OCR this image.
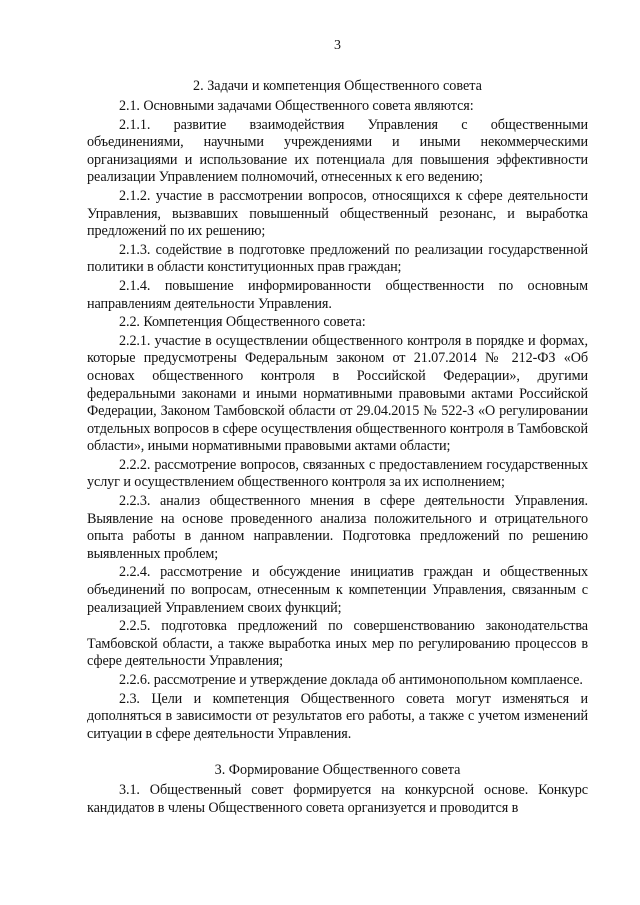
3
2. Задачи и компетенция Общественного совета

2.1. Основными задачами Общественного совета являются:

2.1.1. развитие взаимодействия Управления с общественными объединениями, научными учреждениями и иными некоммерческими организациями и использование их потенциала для повышения эффективности реализации Управлением полномочий, отнесенных к его ведению;

2.1.2. участие в рассмотрении вопросов, относящихся к сфере деятельности Управления, вызвавших повышенный общественный резонанс, и выработка предложений по их решению;

2.1.3. содействие в подготовке предложений по реализации государственной политики в области конституционных прав граждан;

2.1.4. повышение информированности общественности по основным направлениям деятельности Управления.

2.2. Компетенция Общественного совета:

2.2.1. участие в осуществлении общественного контроля в порядке и формах, которые предусмотрены Федеральным законом от 21.07.2014 № 212-ФЗ «Об основах общественного контроля в Российской Федерации», другими федеральными законами и иными нормативными правовыми актами Российской Федерации, Законом Тамбовской области от 29.04.2015 № 522-З «О регулировании отдельных вопросов в сфере осуществления общественного контроля в Тамбовской области», иными нормативными правовыми актами области;

2.2.2. рассмотрение вопросов, связанных с предоставлением государственных услуг и осуществлением общественного контроля за их исполнением;

2.2.3. анализ общественного мнения в сфере деятельности Управления. Выявление на основе проведенного анализа положительного и отрицательного опыта работы в данном направлении. Подготовка предложений по решению выявленных проблем;

2.2.4. рассмотрение и обсуждение инициатив граждан и общественных объединений по вопросам, отнесенным к компетенции Управления, связанным с реализацией Управлением своих функций;

2.2.5. подготовка предложений по совершенствованию законодательства Тамбовской области, а также выработка иных мер по регулированию процессов в сфере деятельности Управления;

2.2.6. рассмотрение и утверждение доклада об антимонопольном комплаенсе.

2.3. Цели и компетенция Общественного совета могут изменяться и дополняться в зависимости от результатов его работы, а также с учетом изменений ситуации в сфере деятельности Управления.

3. Формирование Общественного совета

3.1. Общественный совет формируется на конкурсной основе. Конкурс кандидатов в члены Общественного совета организуется и проводится в
